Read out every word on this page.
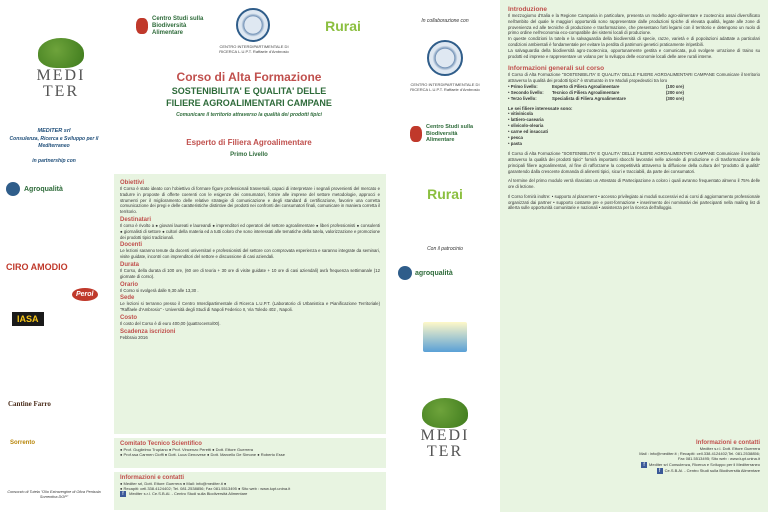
MEDI TER
MEDITER srl
Consulenza, Ricerca e Sviluppo per il Mediterraneo
in partnership con
Agroqualità
CIRO AMODIO
Perol
IASA
Cantine Farro
Sorrento
Consorzio di Tutela "Olio Extravergine di Oliva Penisola Sorrentina DOP"
Centro Studi sulla Biodiversità Alimentare
CENTRO INTERDIPARTIMENTALE DI RICERCA L.U.P.T. Raffaele d'Ambrosio
Rurai
Corso di Alta Formazione
SOSTENIBILITA' E QUALITA' DELLE
FILIERE AGROALIMENTARI CAMPANE
Comunicare il territorio attraverso la qualità dei prodotti tipici
Esperto di Filiera Agroalimentare
Primo Livello
Obiettivi
Il Corso è stato ideato con l'obiettivo di formare figure professionali trasversali, capaci di interpretare i segnali provenienti del mercato e tradurre in proposte di offerte coerenti con le esigenze dei consumatori, fornire alle imprese del settore metodologie, approcci e strumenti per il miglioramento delle relative strategie di comunicazione e degli standard di certificazione, favorire una corretta comunicazione dei pregi e delle caratteristiche distintive dei prodotti nei confronti dei consumatori finali, comunicare in maniera corretta il territorio.
Destinatari
Il corso è rivolto a ● giovani laureati e laureandi ● imprenditori ed operatori del settore agroalimentare ● liberi professionisti ● consulenti ● giornalisti di settore ● cultori della materia ed a tutti coloro che sono interessati alle tematiche della tutela, valorizzazione e promozione dei prodotti tipici tradizionali.
Docenti
Le lezioni saranno tenute da docenti universitari e professionisti del settore con comprovata esperienza e saranno integrate da seminari, visite guidate, incontri con imprenditori del settore e discussione di casi aziendali.
Durata
Il Corso, della durata di 100 ore, (60 ore di teoria + 30 ore di visite guidate + 10 ore di casi aziendali) avrà frequenza settimanale (12 giornate di corso).
Orario
Il Corso si svolgerà dalle 9,30 alle 13,30 .
Sede
Le lezioni si terranno presso il Centro Interdipartimentale di Ricerca L.U.P.T. (Laboratorio di Urbanistica e Pianificazione Territoriale) "Raffaele d'Ambrosio" - Università degli Studi di Napoli Federico II, Via Toledo 402 , Napoli.
Costo
Il costo del Corso è di euro 400,00 (quattrocento/00).
Scadenza iscrizioni
Febbraio 2016
Comitato Tecnico Scientifico
● Prof. Guglielmo Trupiano ● Prof. Vincenzo Peretti ● Dott. Ettore Guerrera
● Prof.ssa Carmen Cioffi ● Dott. Luca Genovese ● Dott. Marcello De Simone ● Roberto Esse
Informazioni e contatti
● Mediter srl, Dott. Ettore Guerrera ● Mail: info@mediter.it ●
● Recapiti: cell.338.4124402; Tel. 081.2538856; Fax 081.5513495 ● Sito web : www.lupt.unina.it
f Mediter s.r.l. Ce.S.B.Al. - Centro Studi sulla Biodiversità Alimentare
In collaborazione con
CENTRO INTERDIPARTIMENTALE DI RICERCA L.U.P.T. Raffaele d'Ambrosio
Centro Studi sulla Biodiversità Alimentare
Rurai
Con il patrocinio
agroqualità
MEDI TER
Introduzione
Il mezzogiorno d'Italia e la Regione Campania in particolare, presenta un modello agro-alimentare e zootecnico assai diversificato nell'ambito del quale le maggiori opportunità sono rappresentate dalle produzioni tipiche di elevata qualità, legate alle zone di provenienza ed alle tecniche di produzione e trasformazione, che presentano forti legami con il territorio e detengono un ruolo di primo ordine nell'economia eco-compatibile dei sistemi locali di produzione.
In queste condizioni la tutela e la salvaguardia della biodiversità di specie, razze, varietà e di popolazioni adattate a particolari condizioni ambientali è fondamentale per evitare la perdita di patrimoni genetici praticamente irripetibili.
La salvaguardia della biodiversità agro-zootecnica, opportunamente gestita e comunicata, può svolgere un'azione di traino su prodotti ed imprese e rappresentare un volano per lo sviluppo delle economie locali delle aree rurali interne.
Informazioni generali sul corso
Il Corso di Alta Formazione "SOSTENIBILITA' E QUALITA' DELLE FILIERE AGROALIMENTARI CAMPANE Comunicare il territorio attraverso la qualità dei prodotti tipici" è strutturato in tre Moduli propedeutici tra loro
• Primo livello:	Esperto di Filiera Agroalimentare	(100 ore)
• Secondo livello:	Tecnico di Filiera Agroalimentare	(200 ore)
• Terzo livello:	Specialista di Filiera Agroalimentare	(300 ore)
Le sei filiere interessate sono:
• vitivinicola
• lattiero-casearia
• olivicolo-olearia
• carne ed insaccati
• pesca
• pasta
Il Corso di Alta Formazione "SOSTENIBILITA' E QUALITA' DELLE FILIERE AGROALIMENTARI CAMPANE Comunicare il territorio attraverso la qualità dei prodotti tipici" fornirà importanti sbocchi lavorativi nelle aziende di produzione e di trasformazione delle principali filiere agroalimentari, al fine di rafforzarne la competitività attraverso la diffusione della cultura del "prodotto di qualità" garantendo dalla crescente domanda di alimenti tipici, sicuri e tracciabili, da parte dei consumatori.
Al termine del primo modulo verrà rilasciato un Attestato di Partecipazione a coloro i quali avranno frequentato almeno il 75% delle ore di lezione.
Il Corso fornirà inoltre: • supporto al placement • accesso privilegiato ai moduli successivi ed ai corsi di aggiornamento professionale organizzati dai partner • supporto costante pre e post-formazione • inserimento dei nominativi dei partecipanti nella mailing list di allerta sulle opportunità comunitarie e nazionali • assistenza per la ricerca dell'alloggio.
Informazioni e contatti
Mediter s.r.l. Dott. Ettore Guerrera
Mail : info@mediter.it ; Recapiti: cell.338.4124402;Tel. 081.2538856;
Fax 081.5513495; Sito web : www.lupt.unina.it
f Mediter srl Consulenza, Ricerca e Sviluppo per il Mediterraneo
f Ce.S.B.Al. - Centro Studi sulla Biodiversità Alimentare
